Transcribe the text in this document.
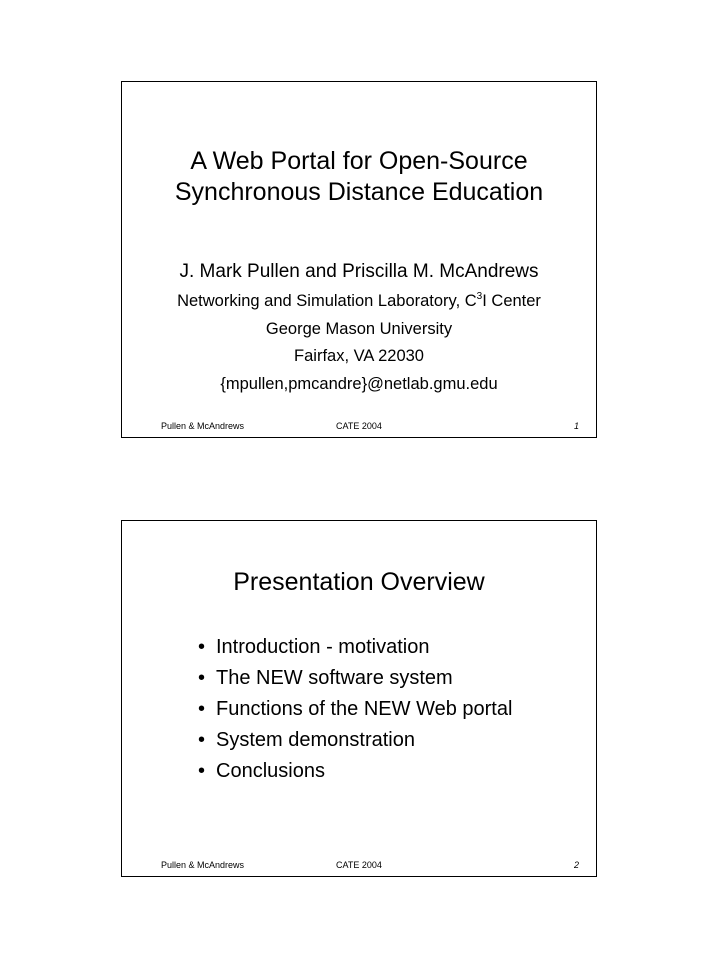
A Web Portal for Open-Source
Synchronous Distance Education
J. Mark Pullen and Priscilla M. McAndrews
Networking and Simulation Laboratory, $C^3I$ Center
George Mason University
Fairfax, VA 22030
{mpullen,pmcandre}@netlab.gmu.edu
Pullen & McAndrews	CATE 2004	1
Presentation Overview
• Introduction - motivation
• The NEW software system
• Functions of the NEW Web portal
• System demonstration
• Conclusions
Pullen & McAndrews	CATE 2004	2
